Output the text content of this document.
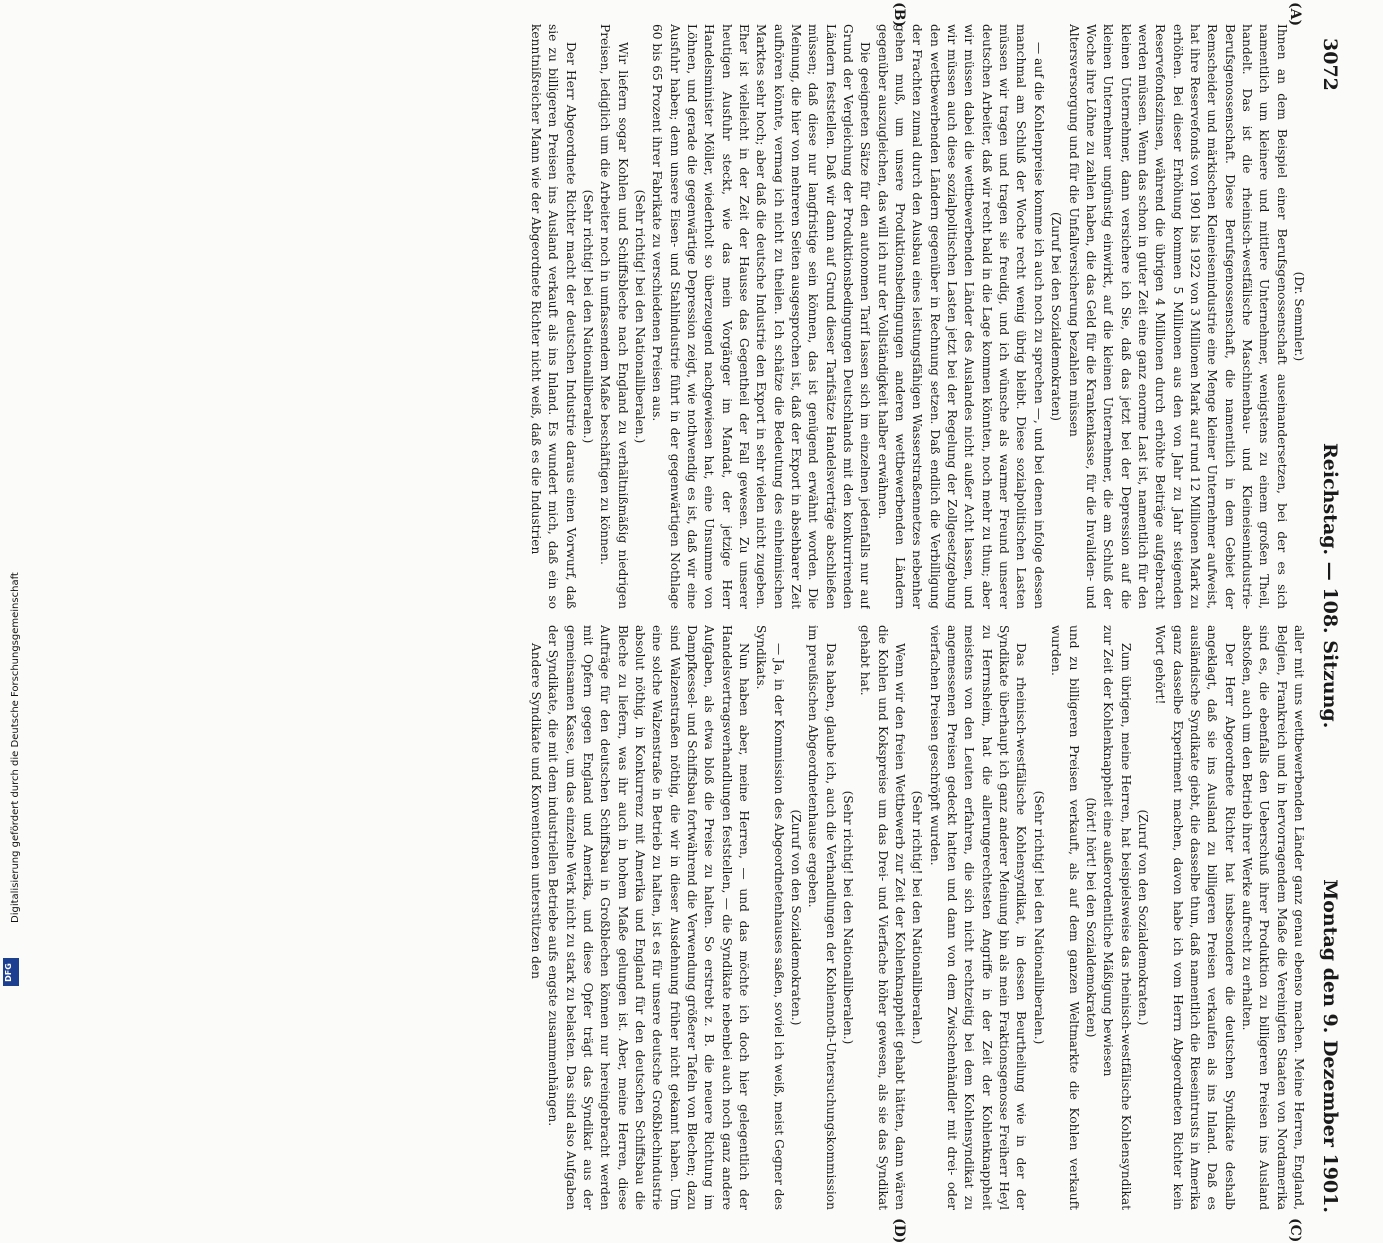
3072
Reichstag. — 108. Sitzung.
Montag den 9. Dezember 1901.
(A)
(B)
(C)
(D)

(Dr. Semmler.)

Ihnen an dem Beispiel einer Berufsgenossenschaft auseinandersetzen, bei der es sich namentlich um kleinere und mittlere Unternehmer, wenigstens zu einem großen Theil, handelt. Das ist die rheinisch-westfälische Maschinenbau- und Kleineisenindustrie-Berufsgenossenschaft. Diese Berufsgenossenschaft, die namentlich in dem Gebiet der Remscheider und märkischen Kleineisenindustrie eine Menge kleiner Unternehmer aufweist, hat ihre Reservefonds von 1901 bis 1922 von 3 Millionen Mark auf rund 12 Millionen Mark zu erhöhen. Bei dieser Erhöhung kommen 5 Millionen aus den von Jahr zu Jahr steigenden Reservefondszinsen, während die übrigen 4 Millionen durch erhöhte Beiträge aufgebracht werden müssen. Wenn das schon in guter Zeit eine ganz enorme Last ist, namentlich für den kleinen Unternehmer, dann versichere ich Sie, daß das jetzt bei der Depression auf die kleinen Unternehmer ungünstig einwirkt, auf die kleinen Unternehmer, die am Schluß der Woche ihre Löhne zu zahlen haben, die das Geld für die Krankenkasse, für die Invaliden- und Altersversorgung und für die Unfallversicherung bezahlen müssen

(Zuruf bei den Sozialdemokraten)

— auf die Kohlenpreise komme ich auch noch zu sprechen —, und bei denen infolge dessen manchmal am Schluß der Woche recht wenig übrig bleibt. Diese sozialpolitischen Lasten müssen wir tragen und tragen sie freudig, und ich wünsche als warmer Freund unserer deutschen Arbeiter, daß wir recht bald in die Lage kommen könnten, noch mehr zu thun; aber wir müssen dabei die wettbewerbenden Länder des Auslandes nicht außer Acht lassen, und wir müssen auch diese sozialpolitischen Lasten jetzt bei der Regelung der Zollgesetzgebung den wettbewerbenden Ländern gegenüber in Rechnung setzen. Daß endlich die Verbilligung der Frachten zumal durch den Ausbau eines leistungsfähigen Wasserstraßennetzes nebenher gehen muß, um unsere Produktionsbedingungen anderen wettbewerbenden Ländern gegenüber auszugleichen, das will ich nur der Vollständigkeit halber erwähnen.

Die geeigneten Sätze für den autonomen Tarif lassen sich im einzelnen jedenfalls nur auf Grund der Vergleichung der Produktionsbedingungen Deutschlands mit den konkurrirenden Ländern feststellen. Daß wir dann auf Grund dieser Tarifsätze Handelsverträge abschließen müssen; daß diese nur langfristige sein können, das ist genügend erwähnt worden. Die Meinung, die hier von mehreren Seiten ausgesprochen ist, daß der Export in absehbarer Zeit aufhören könnte, vermag ich nicht zu theilen. Ich schätze die Bedeutung des einheimischen Marktes sehr hoch; aber daß die deutsche Industrie den Export in sehr vielen nicht zugeben. Eher ist vielleicht in der Zeit der Hausse das Gegentheil der Fall gewesen. Zu unserer heutigen Ausfuhr steckt, wie das mein Vorgänger im Mandat, der jetzige Herr Handelsminister Möller, wiederholt so überzeugend nachgewiesen hat, eine Unsumme von Löhnen, und gerade die gegenwärtige Depression zeigt, wie nothwendig es ist, daß wir eine Ausfuhr haben; denn unsere Eisen- und Stahlindustrie führt in der gegenwärtigen Nothlage 60 bis 65 Prozent ihrer Fabrikate zu verschiedenen Preisen aus.

(Sehr richtig! bei den Nationalliberalen.)

Wir liefern sogar Kohlen und Schiffsbleche nach England zu verhältnißmäßig niedrigen Preisen, lediglich um die Arbeiter noch in umfassendem Maße beschäftigen zu können.

(Sehr richtig! bei den Nationalliberalen.)

Der Herr Abgeordnete Richter macht der deutschen Industrie daraus einen Vorwurf, daß sie zu billigeren Preisen ins Ausland verkauft als ins Inland. Es wundert mich, daß ein so kenntnißreicher Mann wie der Abgeordnete Richter nicht weiß, daß es die Industrien

aller mit uns wettbewerbenden Länder ganz genau ebenso machen. Meine Herren, England, Belgien, Frankreich und in hervorragendem Maße die Vereinigten Staaten von Nordamerika sind es, die ebenfalls den Ueberschuß ihrer Produktion zu billigeren Preisen ins Ausland abstoßen, auch um den Betrieb ihrer Werke aufrecht zu erhalten.

Der Herr Abgeordnete Richter hat insbesondere die deutschen Syndikate deshalb angeklagt, daß sie ins Ausland zu billigeren Preisen verkaufen als ins Inland. Daß es ausländische Syndikate giebt, die dasselbe thun, daß namentlich die Rieseintrusts in Amerika ganz dasselbe Experiment machen, davon habe ich vom Herrn Abgeordneten Richter kein Wort gehört!

(Zuruf von den Sozialdemokraten.)

Zum übrigen, meine Herren, hat beispielsweise das rheinisch-westfälische Kohlensyndikat zur Zeit der Kohlenknappheit eine außerordentliche Mäßigung bewiesen

(hört! hört! bei den Sozialdemokraten)

und zu billigeren Preisen verkauft, als auf dem ganzen Weltmarkte die Kohlen verkauft wurden.

(Sehr richtig! bei den Nationalliberalen.)

Das rheinisch-westfälische Kohlensyndikat, in dessen Beurtheilung wie in der der Syndikate überhaupt ich ganz anderer Meinung bin als mein Fraktionsgenosse Freiherr Heyl zu Herrnsheim, hat die allerungerechtesten Angriffe in der Zeit der Kohlenknappheit meistens von den Leuten erfahren, die sich nicht rechtzeitig bei dem Kohlensyndikat zu angemessenen Preisen gedeckt hatten und dann von dem Zwischenhändler mit drei- oder vierfachen Preisen geschröpft wurden.

(Sehr richtig! bei den Nationalliberalen.)

Wenn wir den freien Wettbewerb zur Zeit der Kohlenknappheit gehabt hätten, dann wären die Kohlen und Kokspreise um das Drei- und Vierfache höher gewesen, als sie das Syndikat gehabt hat.

(Sehr richtig! bei den Nationalliberalen.)

Das haben, glaube ich, auch die Verhandlungen der Kohlennoth-Untersuchungskommission im preußischen Abgeordnetenhause ergeben.

(Zuruf von den Sozialdemokraten.)

— Ja, in der Kommission des Abgeordnetenhauses saßen, soviel ich weiß, meist Gegner des Syndikats.

Nun haben aber, meine Herren, — und das möchte ich doch hier gelegentlich der Handelsvertragsverhandlungen feststellen, — die Syndikate nebenbei auch noch ganz andere Aufgaben, als etwa bloß die Preise zu halten. So erstrebt z. B. die neuere Richtung im Dampfkessel- und Schiffsbau fortwährend die Verwendung größerer Tafeln von Blechen; dazu sind Walzenstraßen nöthig, die wir in dieser Ausdehnung früher nicht gekannt haben. Um eine solche Walzenstraße in Betrieb zu halten, ist es für unsere deutsche Großblechindustrie absolut nöthig, in Konkurrenz mit Amerika und England für den deutschen Schiffsbau die Bleche zu liefern, was ihr auch in hohem Maße gelungen ist. Aber, meine Herren, diese Aufträge für den deutschen Schiffsbau in Großblechen können nur hereingebracht werden mit Opfern gegen England und Amerika, und diese Opfer trägt das Syndikat aus der gemeinsamen Kasse, um das einzelne Werk nicht zu stark zu belasten. Das sind also Aufgaben der Syndikate, die mit dem industriellen Betriebe aufs engste zusammenhängen.

Andere Syndikate und Konventionen unterstützen den

Digitalisierung gefördert durch die Deutsche Forschungsgemeinschaft
DFG
